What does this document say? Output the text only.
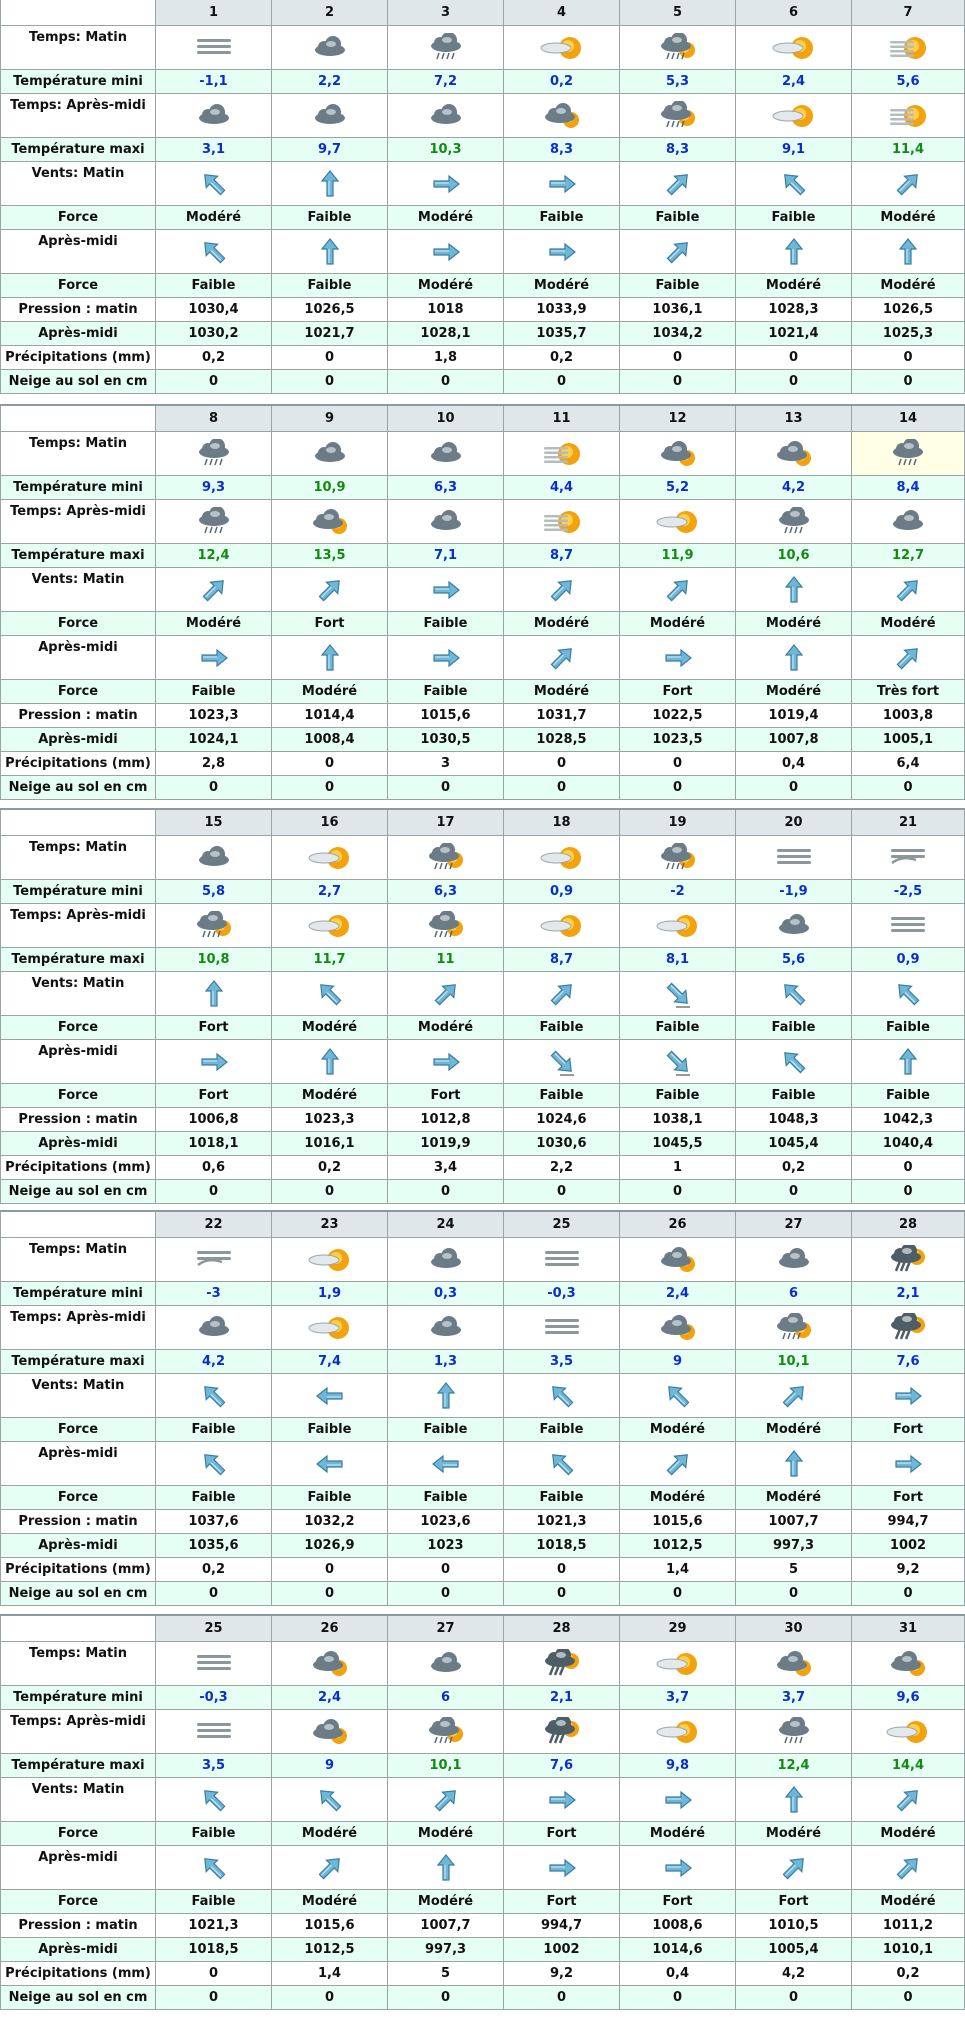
1	2	3	4	5	6	7
Temps: Matin
Température mini	-1,1	2,2	7,2	0,2	5,3	2,4	5,6
Temps: Après-midi
Température maxi	3,1	9,7	10,3	8,3	8,3	9,1	11,4
Vents: Matin
Force	Modéré	Faible	Modéré	Faible	Faible	Faible	Modéré
Après-midi
Force	Faible	Faible	Modéré	Modéré	Faible	Modéré	Modéré
Pression : matin	1030,4	1026,5	1018	1033,9	1036,1	1028,3	1026,5
Après-midi	1030,2	1021,7	1028,1	1035,7	1034,2	1021,4	1025,3
Précipitations (mm)	0,2	0	1,8	0,2	0	0	0
Neige au sol en cm	0	0	0	0	0	0	0
8	9	10	11	12	13	14
Temps: Matin
Température mini	9,3	10,9	6,3	4,4	5,2	4,2	8,4
Temps: Après-midi
Température maxi	12,4	13,5	7,1	8,7	11,9	10,6	12,7
Vents: Matin
Force	Modéré	Fort	Faible	Modéré	Modéré	Modéré	Modéré
Après-midi
Force	Faible	Modéré	Faible	Modéré	Fort	Modéré	Très fort
Pression : matin	1023,3	1014,4	1015,6	1031,7	1022,5	1019,4	1003,8
Après-midi	1024,1	1008,4	1030,5	1028,5	1023,5	1007,8	1005,1
Précipitations (mm)	2,8	0	3	0	0	0,4	6,4
Neige au sol en cm	0	0	0	0	0	0	0
15	16	17	18	19	20	21
Temps: Matin
Température mini	5,8	2,7	6,3	0,9	-2	-1,9	-2,5
Temps: Après-midi
Température maxi	10,8	11,7	11	8,7	8,1	5,6	0,9
Vents: Matin
Force	Fort	Modéré	Modéré	Faible	Faible	Faible	Faible
Après-midi
Force	Fort	Modéré	Fort	Faible	Faible	Faible	Faible
Pression : matin	1006,8	1023,3	1012,8	1024,6	1038,1	1048,3	1042,3
Après-midi	1018,1	1016,1	1019,9	1030,6	1045,5	1045,4	1040,4
Précipitations (mm)	0,6	0,2	3,4	2,2	1	0,2	0
Neige au sol en cm	0	0	0	0	0	0	0
22	23	24	25	26	27	28
Temps: Matin
Température mini	-3	1,9	0,3	-0,3	2,4	6	2,1
Temps: Après-midi
Température maxi	4,2	7,4	1,3	3,5	9	10,1	7,6
Vents: Matin
Force	Faible	Faible	Faible	Faible	Modéré	Modéré	Fort
Après-midi
Force	Faible	Faible	Faible	Faible	Modéré	Modéré	Fort
Pression : matin	1037,6	1032,2	1023,6	1021,3	1015,6	1007,7	994,7
Après-midi	1035,6	1026,9	1023	1018,5	1012,5	997,3	1002
Précipitations (mm)	0,2	0	0	0	1,4	5	9,2
Neige au sol en cm	0	0	0	0	0	0	0
25	26	27	28	29	30	31
Temps: Matin
Température mini	-0,3	2,4	6	2,1	3,7	3,7	9,6
Temps: Après-midi
Température maxi	3,5	9	10,1	7,6	9,8	12,4	14,4
Vents: Matin
Force	Faible	Modéré	Modéré	Fort	Modéré	Modéré	Modéré
Après-midi
Force	Faible	Modéré	Modéré	Fort	Fort	Fort	Modéré
Pression : matin	1021,3	1015,6	1007,7	994,7	1008,6	1010,5	1011,2
Après-midi	1018,5	1012,5	997,3	1002	1014,6	1005,4	1010,1
Précipitations (mm)	0	1,4	5	9,2	0,4	4,2	0,2
Neige au sol en cm	0	0	0	0	0	0	0
